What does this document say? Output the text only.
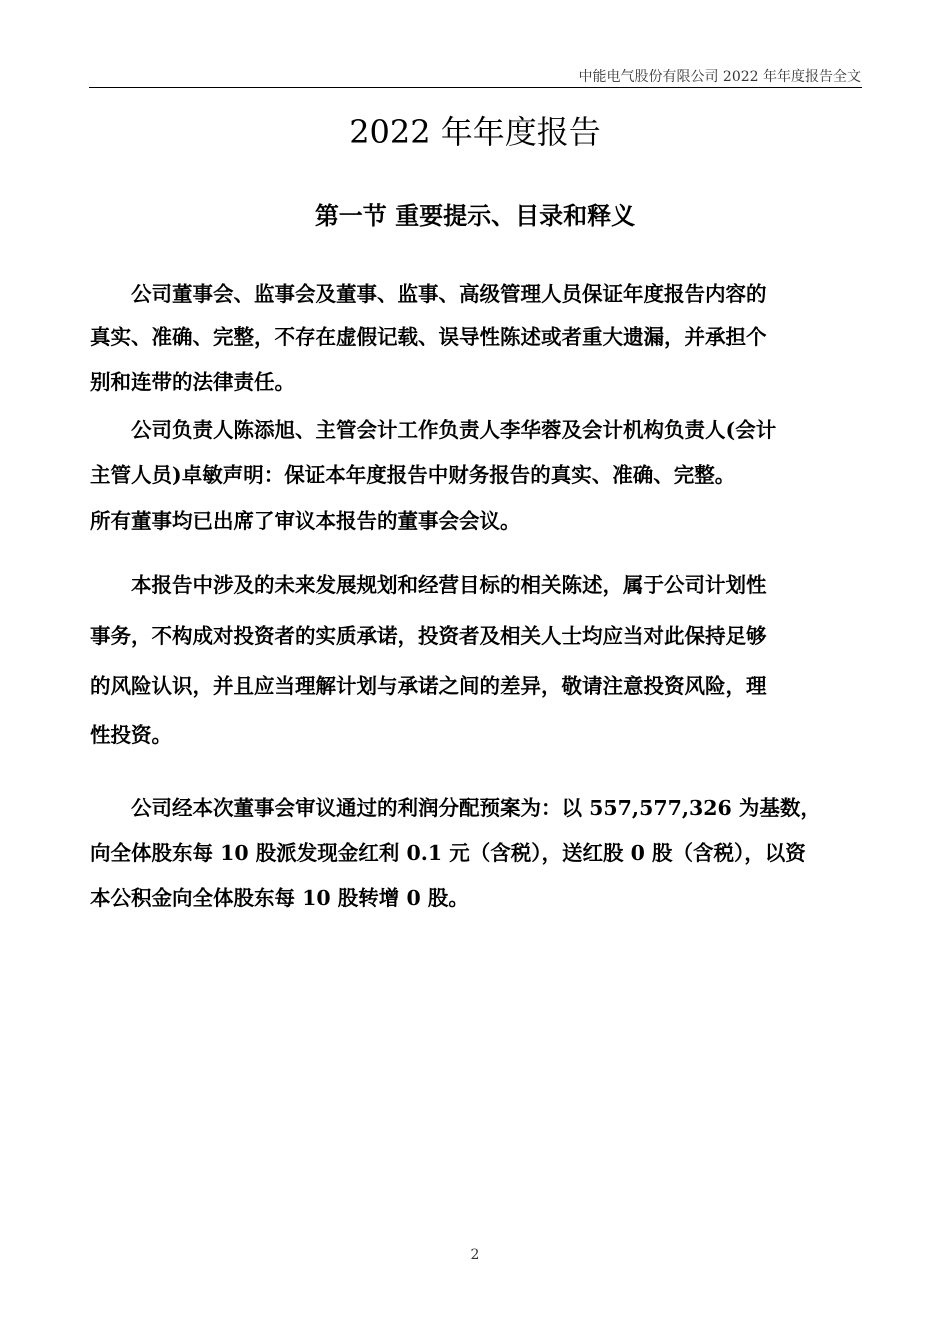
中能电气股份有限公司 2022 年年度报告全文
2022 年年度报告
第一节 重要提示、目录和释义
　　公司董事会、监事会及董事、监事、高级管理人员保证年度报告内容的
真实、准确、完整，不存在虚假记载、误导性陈述或者重大遗漏，并承担个
别和连带的法律责任。
　　公司负责人陈添旭、主管会计工作负责人李华蓉及会计机构负责人(会计
主管人员)卓敏声明：保证本年度报告中财务报告的真实、准确、完整。
所有董事均已出席了审议本报告的董事会会议。
　　本报告中涉及的未来发展规划和经营目标的相关陈述，属于公司计划性
事务，不构成对投资者的实质承诺，投资者及相关人士均应当对此保持足够
的风险认识，并且应当理解计划与承诺之间的差异，敬请注意投资风险，理
性投资。
　　公司经本次董事会审议通过的利润分配预案为：以 557,577,326 为基数，
向全体股东每 10 股派发现金红利 0.1 元（含税），送红股 0 股（含税），以资
本公积金向全体股东每 10 股转增 0 股。
2
